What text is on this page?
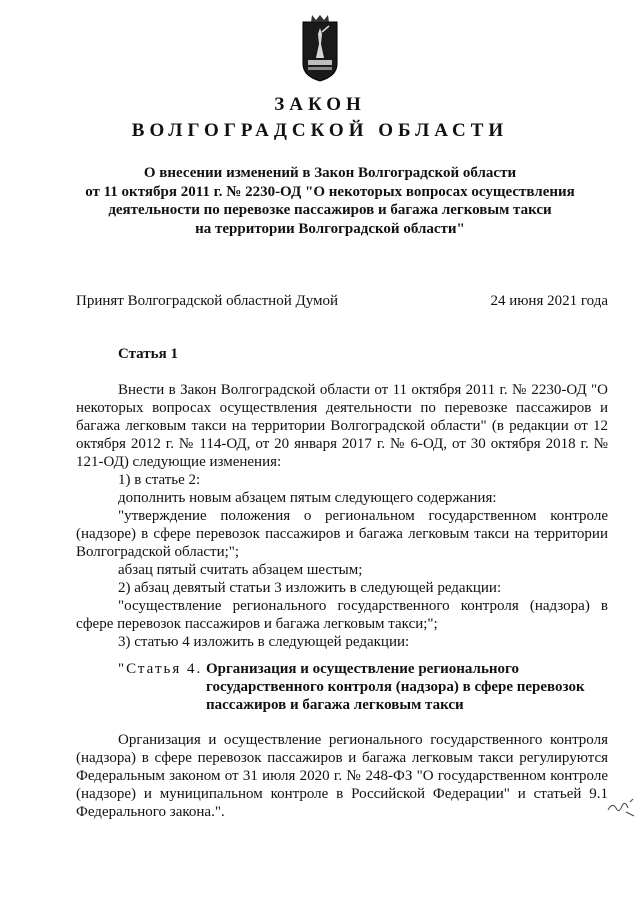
ЗАКОН
ВОЛГОГРАДСКОЙ ОБЛАСТИ
О внесении изменений в Закон Волгоградской области
от 11 октября 2011 г. № 2230-ОД "О некоторых вопросах осуществления
деятельности по перевозке пассажиров и багажа легковым такси
на территории Волгоградской области"
Принят Волгоградской областной Думой	24 июня 2021 года
Статья 1

Внести в Закон Волгоградской области от 11 октября 2011 г. № 2230-ОД "О некоторых вопросах осуществления деятельности по перевозке пассажиров и багажа легковым такси на территории Волгоградской области" (в редакции от 12 октября 2012 г. № 114-ОД, от 20 января 2017 г. № 6-ОД, от 30 октября 2018 г. № 121-ОД) следующие изменения:

1) в статье 2:

дополнить новым абзацем пятым следующего содержания:

"утверждение положения о региональном государственном контроле (надзоре) в сфере перевозок пассажиров и багажа легковым такси на территории Волгоградской области;";

абзац пятый считать абзацем шестым;

2) абзац девятый статьи 3 изложить в следующей редакции:

"осуществление регионального государственного контроля (надзора) в сфере перевозок пассажиров и багажа легковым такси;";

3) статью 4 изложить в следующей редакции:

"Статья 4. Организация и осуществление регионального
государственного контроля (надзора) в сфере перевозок
пассажиров и багажа легковым такси

Организация и осуществление регионального государственного контроля (надзора) в сфере перевозок пассажиров и багажа легковым такси регулируются Федеральным законом от 31 июля 2020 г. № 248-ФЗ "О государственном контроле (надзоре) и муниципальном контроле в Российской Федерации" и статьей 9.1 Федерального закона.".
